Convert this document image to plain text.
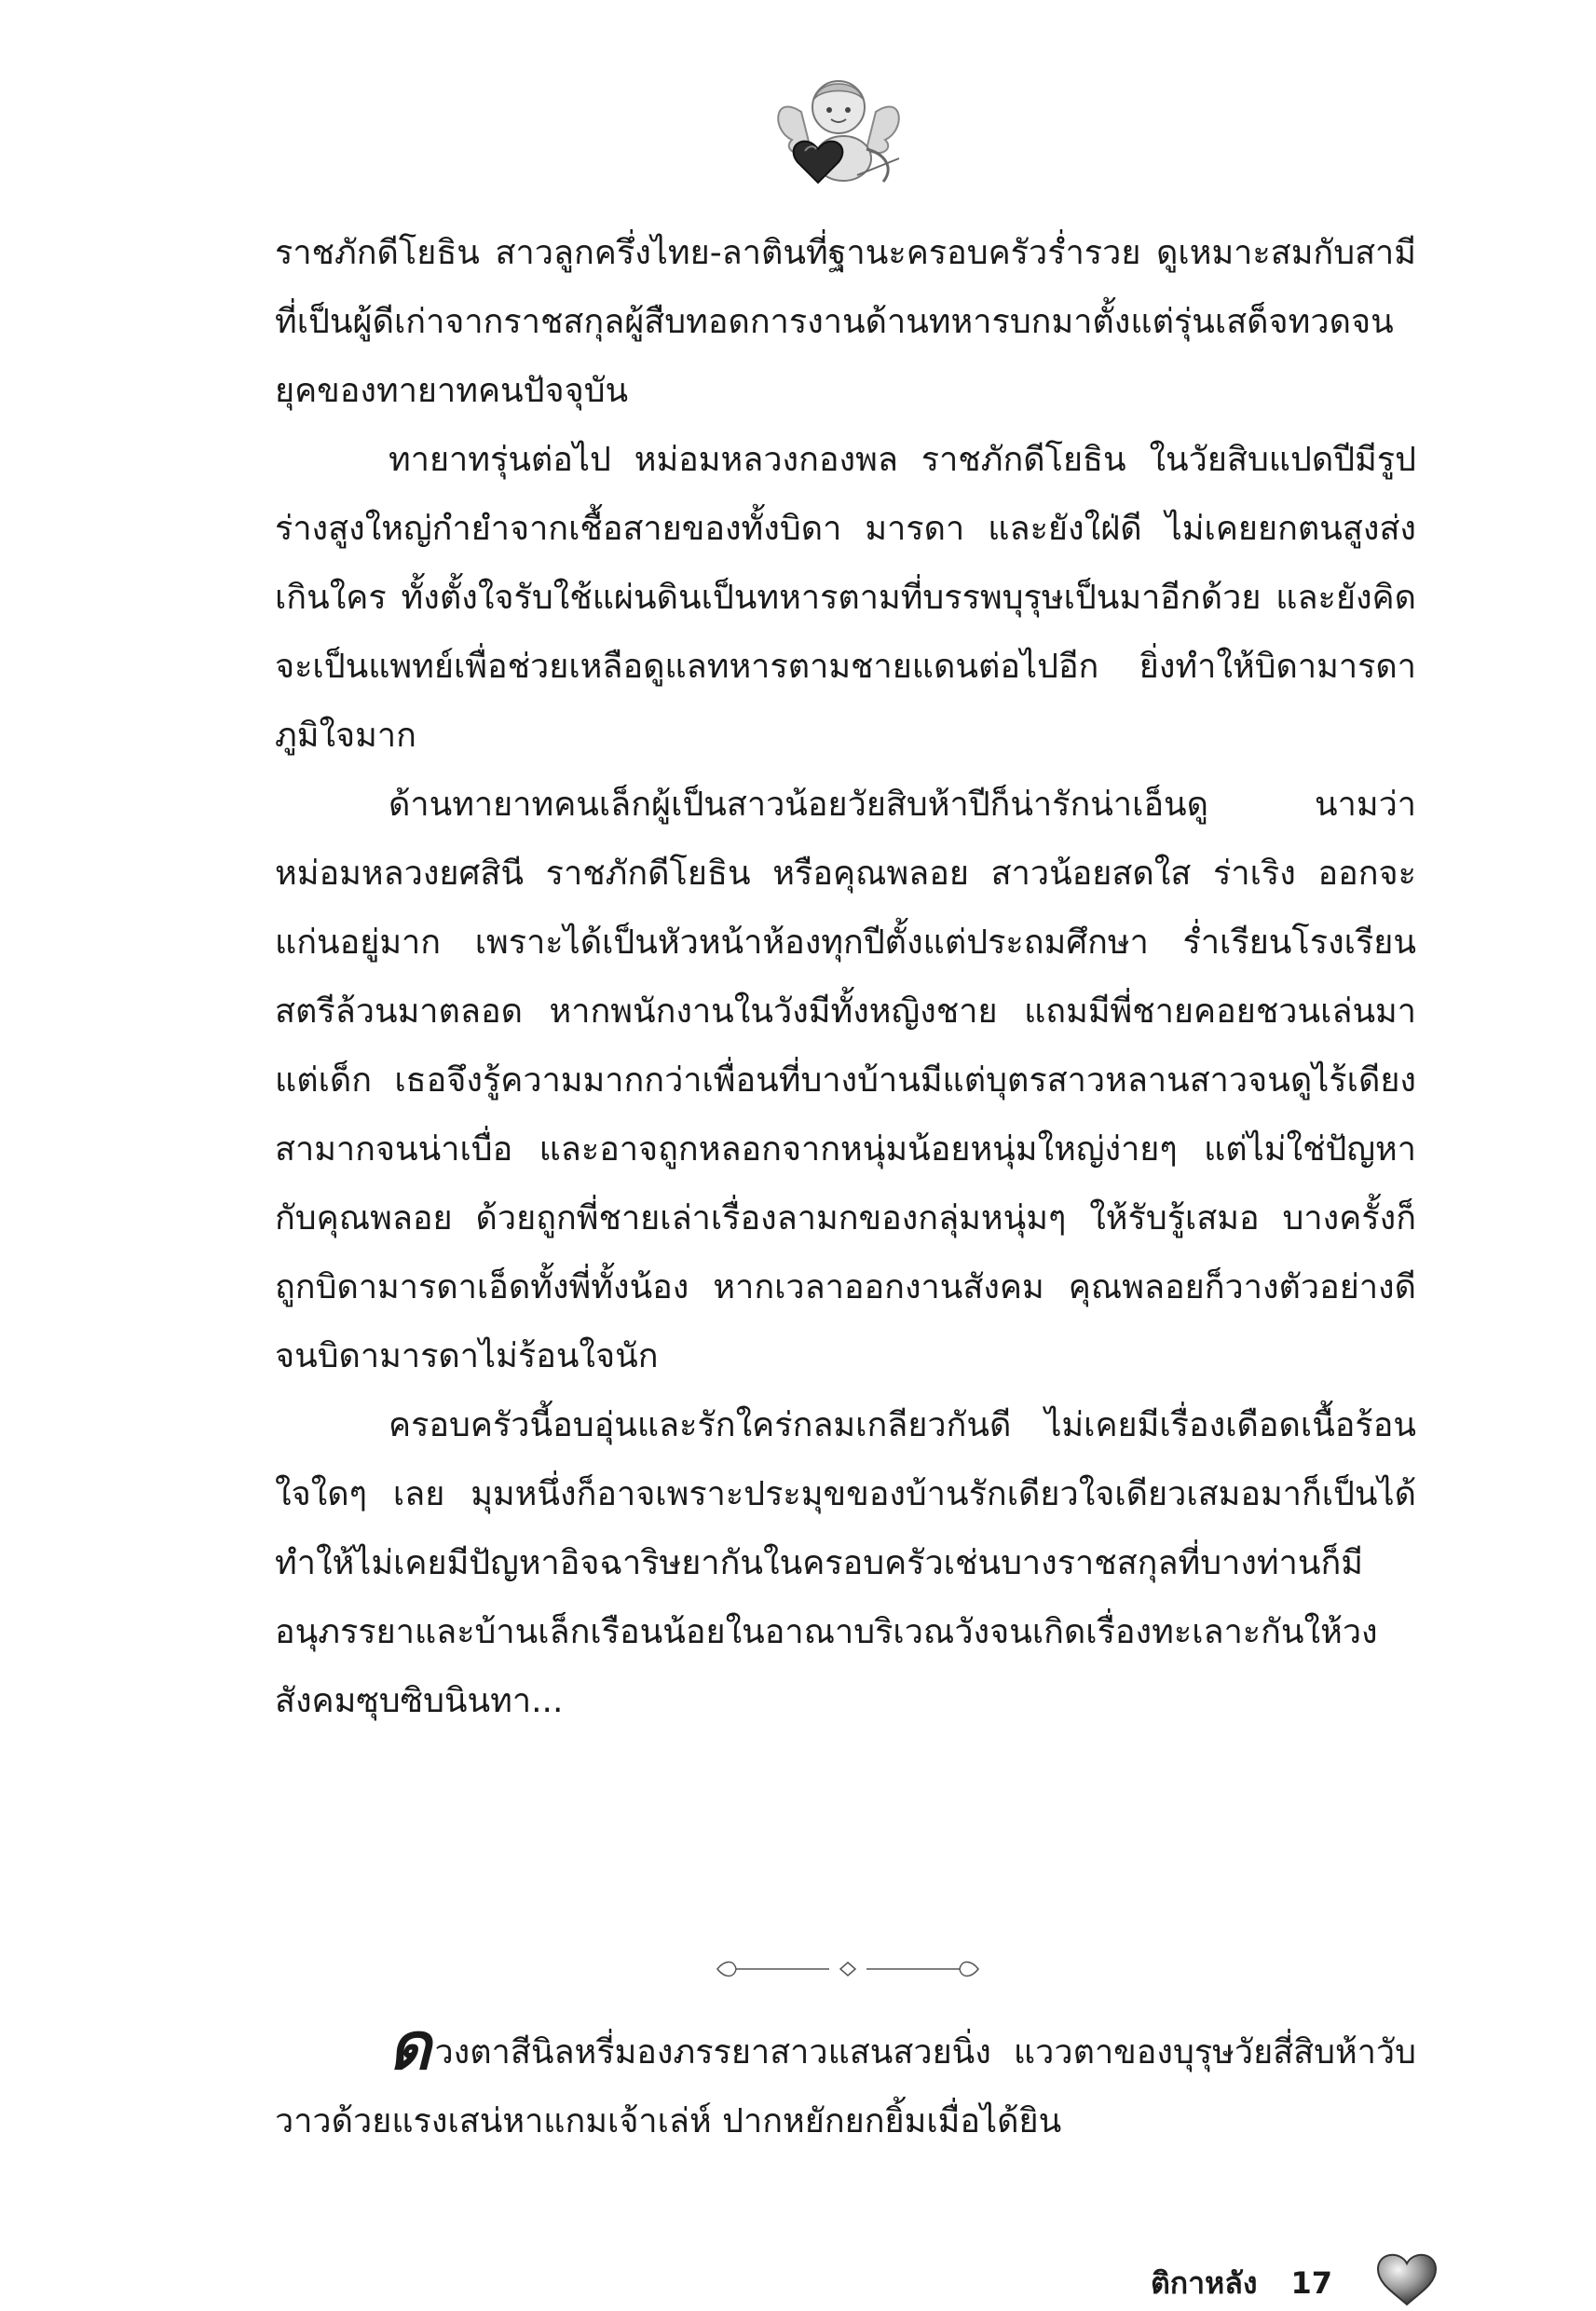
ราชภักดีโยธิน สาวลูกครึ่งไทย-ลาตินที่ฐานะครอบครัวร่ำรวย ดูเหมาะสมกับสามีที่เป็นผู้ดีเก่าจากราชสกุลผู้สืบทอดการงานด้านทหารบกมาตั้งแต่รุ่นเสด็จทวดจนยุคของทายาทคนปัจจุบัน

ทายาทรุ่นต่อไป หม่อมหลวงกองพล ราชภักดีโยธิน ในวัยสิบแปดปีมีรูปร่างสูงใหญ่กำยำจากเชื้อสายของทั้งบิดา มารดา และยังใฝ่ดี ไม่เคยยกตนสูงส่งเกินใคร ทั้งตั้งใจรับใช้แผ่นดินเป็นทหารตามที่บรรพบุรุษเป็นมาอีกด้วย และยังคิดจะเป็นแพทย์เพื่อช่วยเหลือดูแลทหารตามชายแดนต่อไปอีก ยิ่งทำให้บิดามารดาภูมิใจมาก

ด้านทายาทคนเล็กผู้เป็นสาวน้อยวัยสิบห้าปีก็น่ารักน่าเอ็นดู นามว่า หม่อมหลวงยศสินี ราชภักดีโยธิน หรือคุณพลอย สาวน้อยสดใส ร่าเริง ออกจะแก่นอยู่มาก เพราะได้เป็นหัวหน้าห้องทุกปีตั้งแต่ประถมศึกษา ร่ำเรียนโรงเรียนสตรีล้วนมาตลอด หากพนักงานในวังมีทั้งหญิงชาย แถมมีพี่ชายคอยชวนเล่นมาแต่เด็ก เธอจึงรู้ความมากกว่าเพื่อนที่บางบ้านมีแต่บุตรสาวหลานสาวจนดูไร้เดียงสามากจนน่าเบื่อ และอาจถูกหลอกจากหนุ่มน้อยหนุ่มใหญ่ง่ายๆ แต่ไม่ใช่ปัญหากับคุณพลอย ด้วยถูกพี่ชายเล่าเรื่องลามกของกลุ่มหนุ่มๆ ให้รับรู้เสมอ บางครั้งก็ถูกบิดามารดาเอ็ดทั้งพี่ทั้งน้อง หากเวลาออกงานสังคม คุณพลอยก็วางตัวอย่างดีจนบิดามารดาไม่ร้อนใจนัก

ครอบครัวนี้อบอุ่นและรักใคร่กลมเกลียวกันดี ไม่เคยมีเรื่องเดือดเนื้อร้อนใจใดๆ เลย มุมหนึ่งก็อาจเพราะประมุขของบ้านรักเดียวใจเดียวเสมอมาก็เป็นได้ ทำให้ไม่เคยมีปัญหาอิจฉาริษยากันในครอบครัวเช่นบางราชสกุลที่บางท่านก็มีอนุภรรยาและบ้านเล็กเรือนน้อยในอาณาบริเวณวังจนเกิดเรื่องทะเลาะกันให้วงสังคมซุบซิบนินทา...

ดวงตาสีนิลหรี่มองภรรยาสาวแสนสวยนิ่ง แววตาของบุรุษวัยสี่สิบห้าวับวาวด้วยแรงเสน่หาแกมเจ้าเล่ห์ ปากหยักยกยิ้มเมื่อได้ยิน

ติกาหลัง 17
